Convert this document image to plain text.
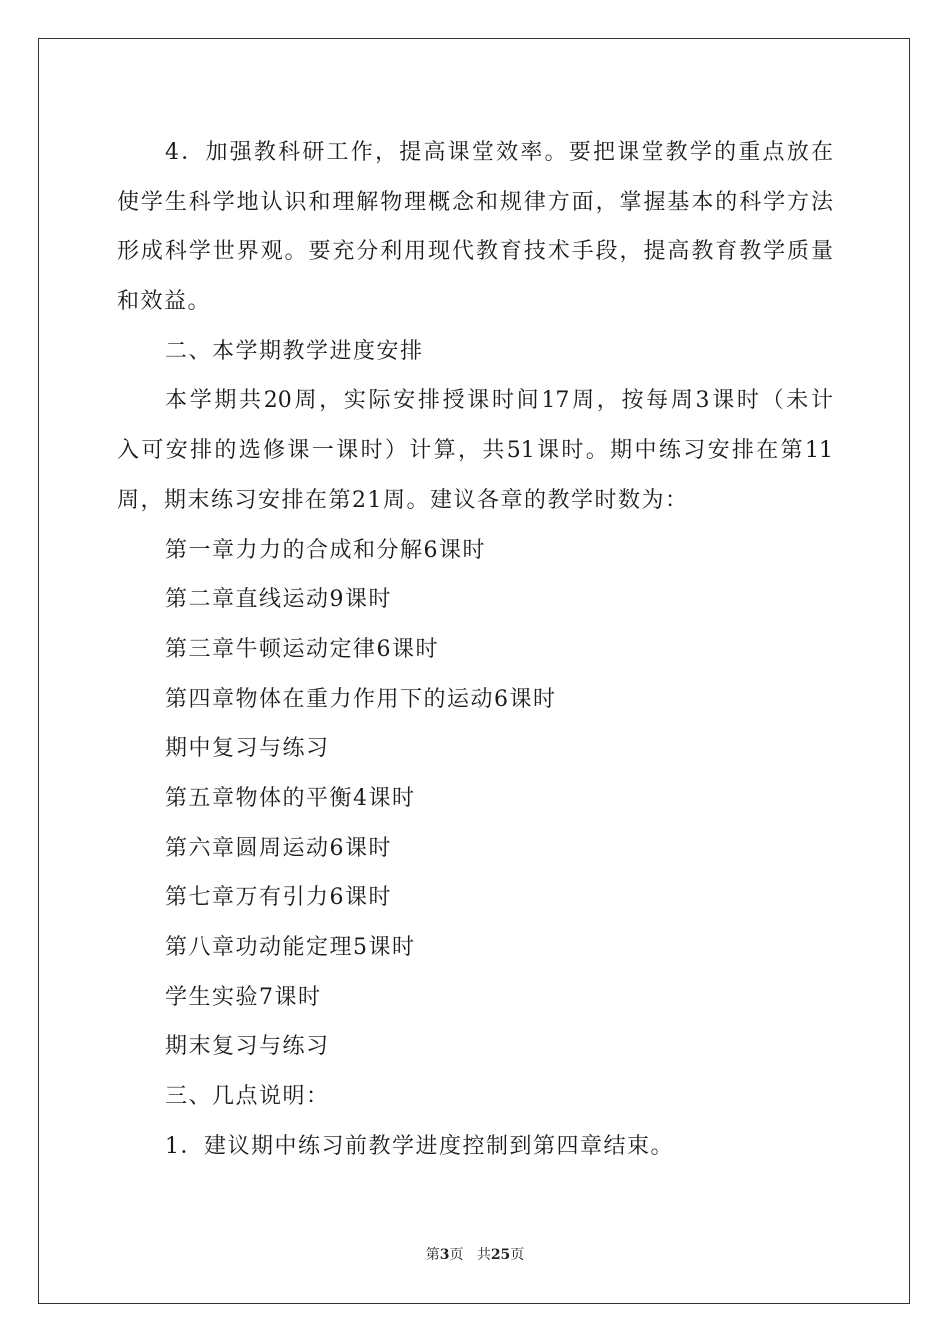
4．加强教科研工作，提高课堂效率。要把课堂教学的重点放在
使学生科学地认识和理解物理概念和规律方面，掌握基本的科学方法
形成科学世界观。要充分利用现代教育技术手段，提高教育教学质量
和效益。
二、本学期教学进度安排
本学期共20周，实际安排授课时间17周，按每周3课时（未计
入可安排的选修课一课时）计算，共51课时。期中练习安排在第11
周，期末练习安排在第21周。建议各章的教学时数为：
第一章力力的合成和分解6课时
第二章直线运动9课时
第三章牛顿运动定律6课时
第四章物体在重力作用下的运动6课时
期中复习与练习
第五章物体的平衡4课时
第六章圆周运动6课时
第七章万有引力6课时
第八章功动能定理5课时
学生实验7课时
期末复习与练习
三、几点说明：
1．建议期中练习前教学进度控制到第四章结束。
第3页 共25页
